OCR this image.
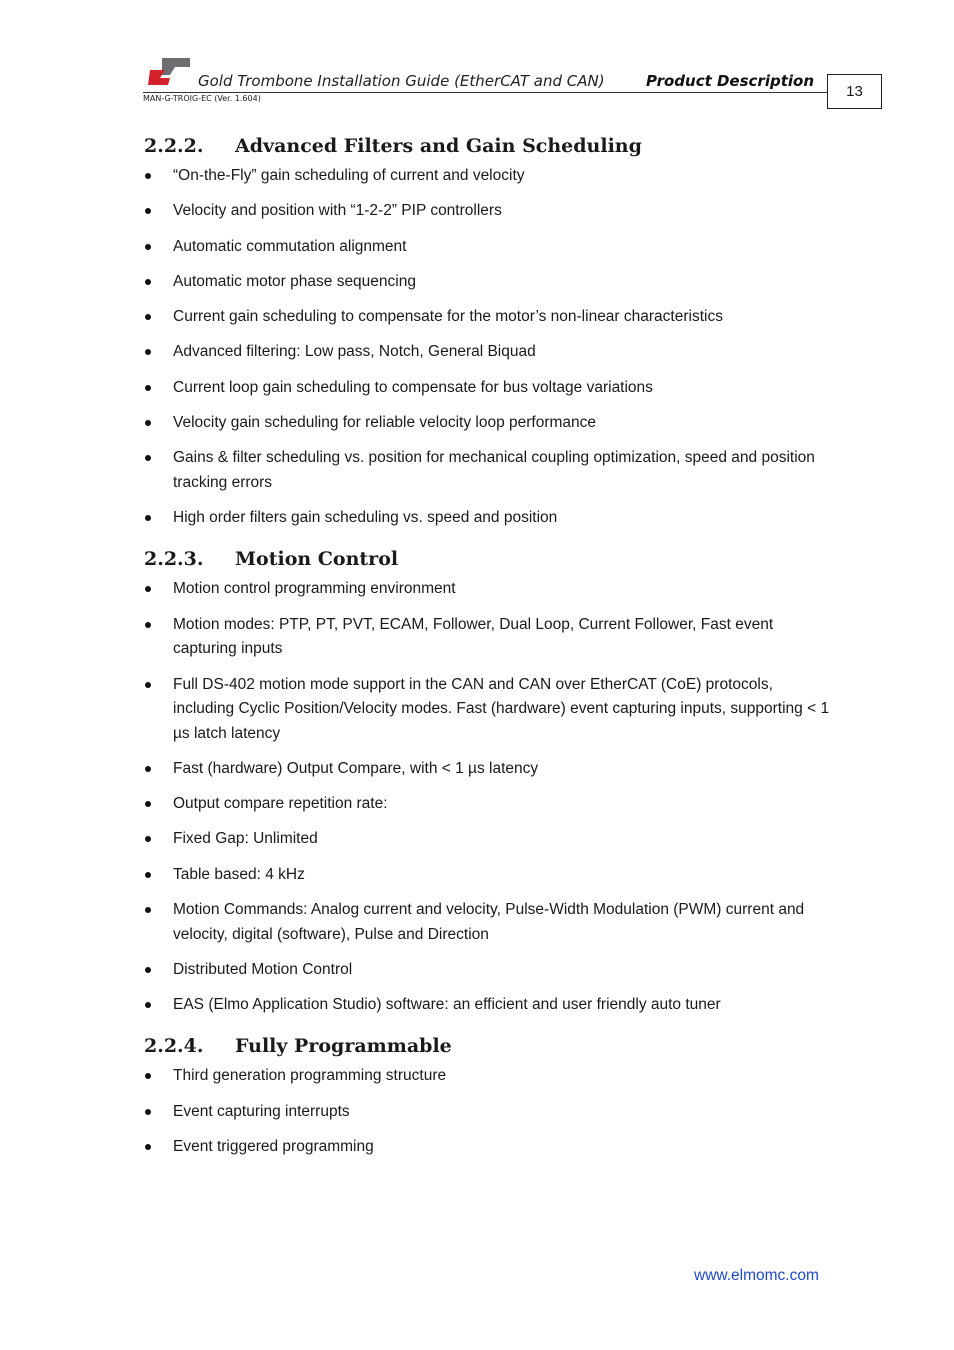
Gold Trombone Installation Guide (EtherCAT and CAN)	Product Description
MAN-G-TROIG-EC (Ver. 1.604)	13
2.2.2. Advanced Filters and Gain Scheduling
“On-the-Fly” gain scheduling of current and velocity
Velocity and position with “1-2-2” PIP controllers
Automatic commutation alignment
Automatic motor phase sequencing
Current gain scheduling to compensate for the motor’s non-linear characteristics
Advanced filtering: Low pass, Notch, General Biquad
Current loop gain scheduling to compensate for bus voltage variations
Velocity gain scheduling for reliable velocity loop performance
Gains & filter scheduling vs. position for mechanical coupling optimization, speed and position tracking errors
High order filters gain scheduling vs. speed and position
2.2.3. Motion Control
Motion control programming environment
Motion modes: PTP, PT, PVT, ECAM, Follower, Dual Loop, Current Follower, Fast event capturing inputs
Full DS-402 motion mode support in the CAN and CAN over EtherCAT (CoE) protocols, including Cyclic Position/Velocity modes. Fast (hardware) event capturing inputs, supporting < 1 µs latch latency
Fast (hardware) Output Compare, with < 1 µs latency
Output compare repetition rate:
Fixed Gap: Unlimited
Table based: 4 kHz
Motion Commands: Analog current and velocity, Pulse-Width Modulation (PWM) current and velocity, digital (software), Pulse and Direction
Distributed Motion Control
EAS (Elmo Application Studio) software: an efficient and user friendly auto tuner
2.2.4. Fully Programmable
Third generation programming structure
Event capturing interrupts
Event triggered programming
www.elmomc.com
